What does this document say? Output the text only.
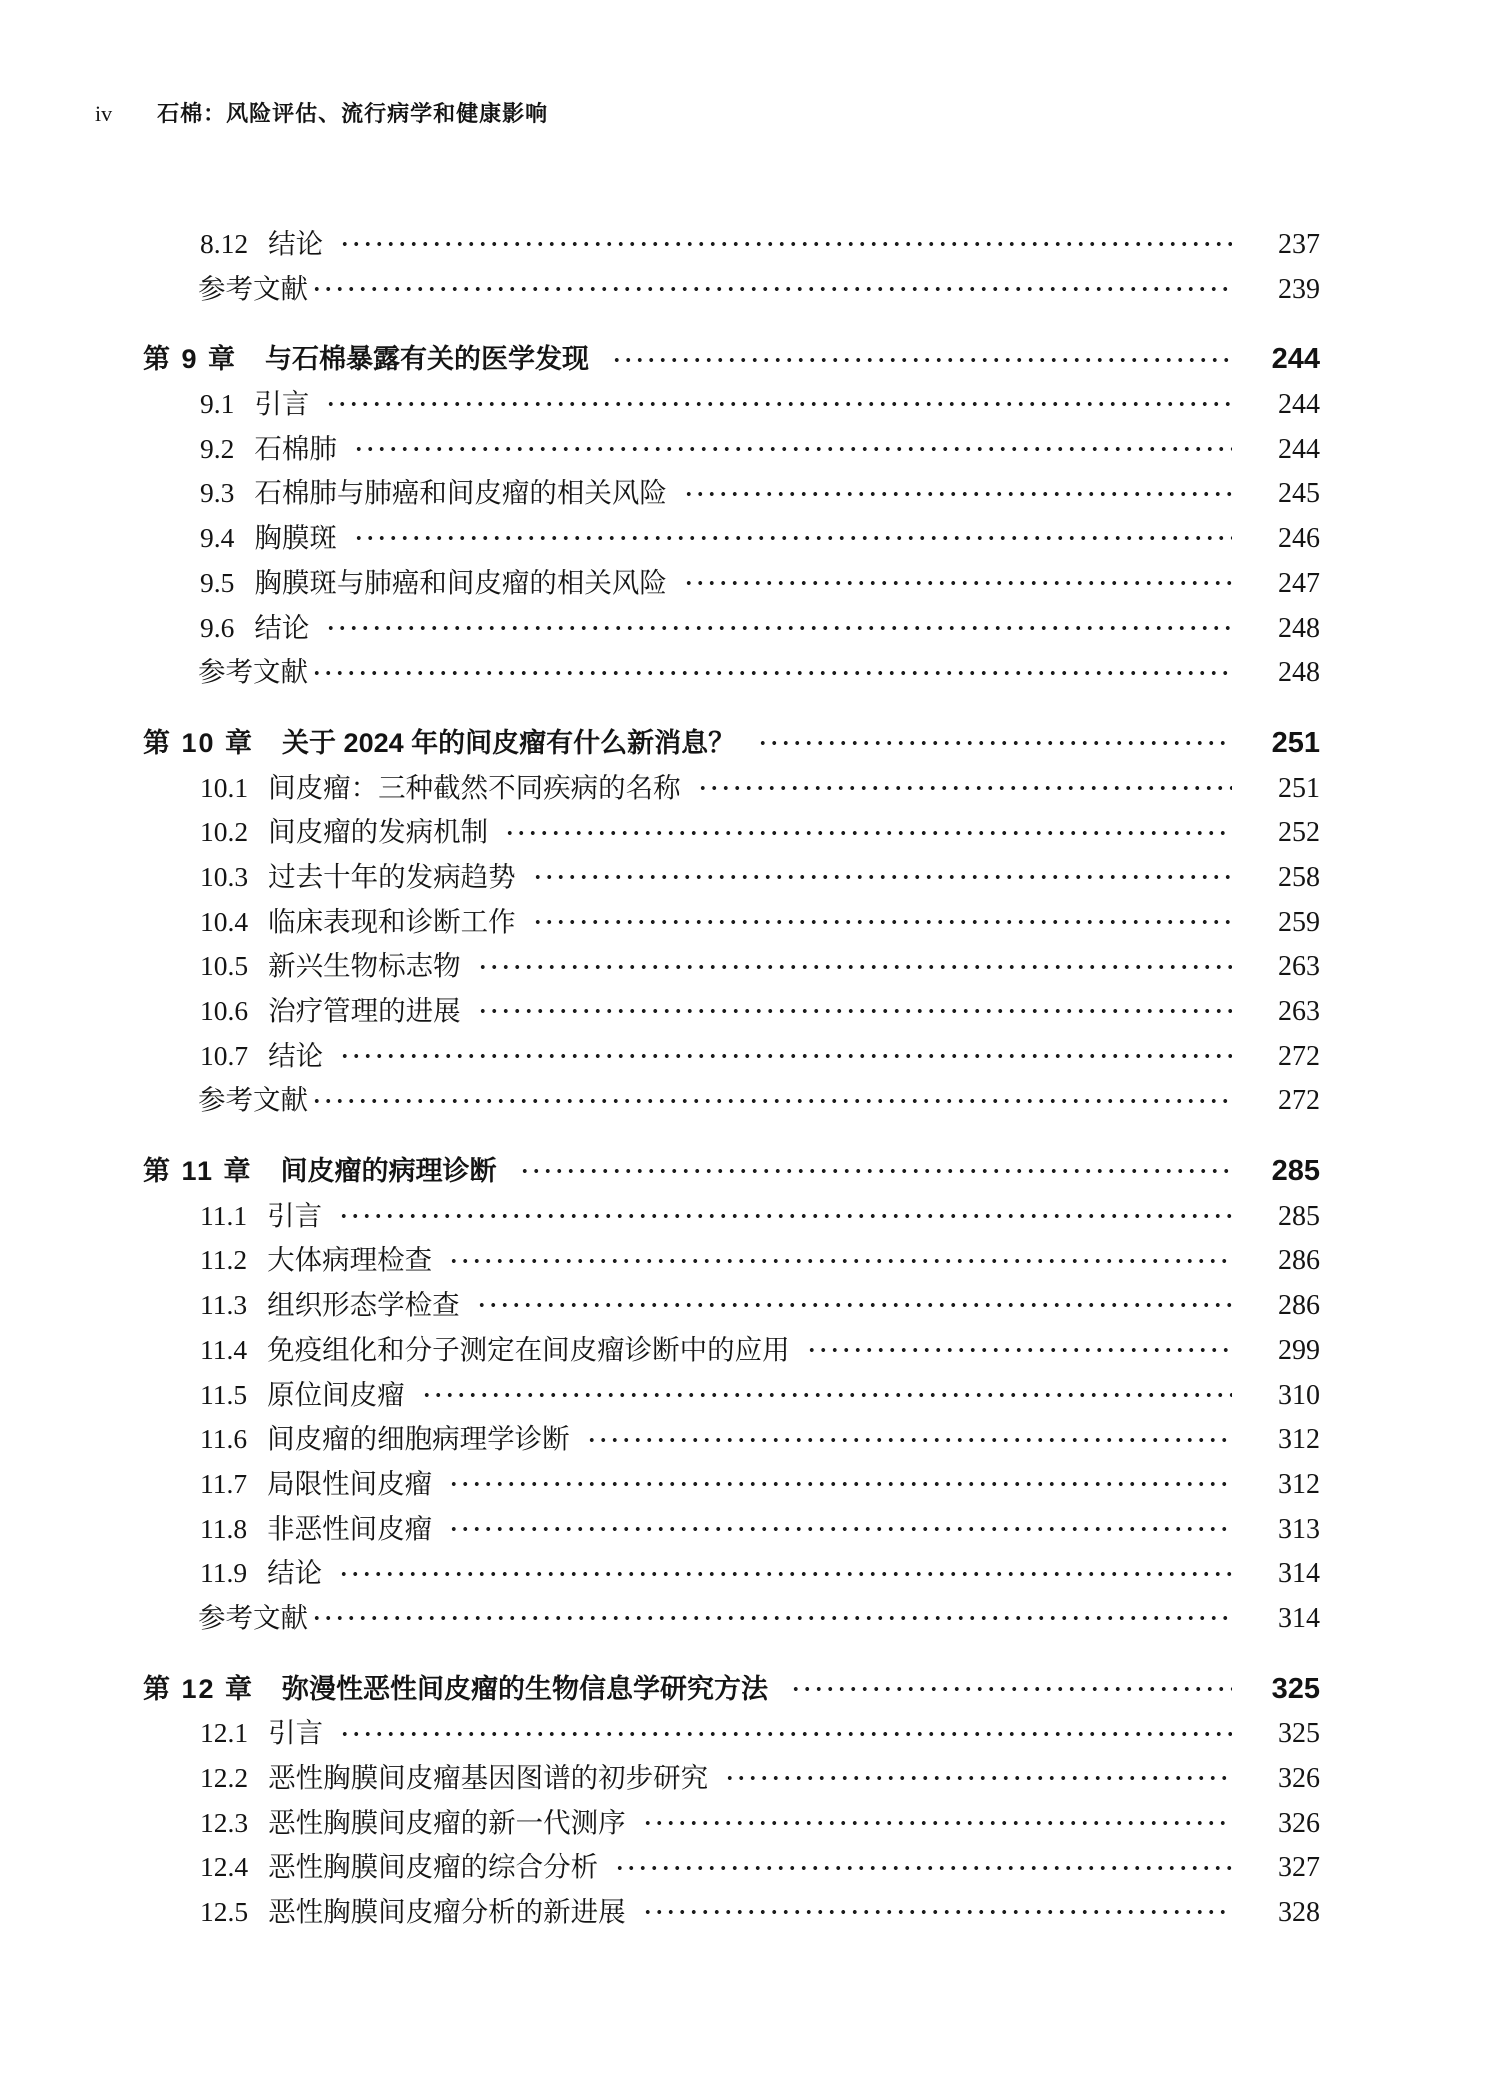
iv 石棉：风险评估、流行病学和健康影响
8.12 结论	237
参考文献	239
第 9 章 与石棉暴露有关的医学发现	244
9.1 引言	244
9.2 石棉肺	244
9.3 石棉肺与肺癌和间皮瘤的相关风险	245
9.4 胸膜斑	246
9.5 胸膜斑与肺癌和间皮瘤的相关风险	247
9.6 结论	248
参考文献	248
第 10 章 关于 2024 年的间皮瘤有什么新消息？	251
10.1 间皮瘤：三种截然不同疾病的名称	251
10.2 间皮瘤的发病机制	252
10.3 过去十年的发病趋势	258
10.4 临床表现和诊断工作	259
10.5 新兴生物标志物	263
10.6 治疗管理的进展	263
10.7 结论	272
参考文献	272
第 11 章 间皮瘤的病理诊断	285
11.1 引言	285
11.2 大体病理检查	286
11.3 组织形态学检查	286
11.4 免疫组化和分子测定在间皮瘤诊断中的应用	299
11.5 原位间皮瘤	310
11.6 间皮瘤的细胞病理学诊断	312
11.7 局限性间皮瘤	312
11.8 非恶性间皮瘤	313
11.9 结论	314
参考文献	314
第 12 章 弥漫性恶性间皮瘤的生物信息学研究方法	325
12.1 引言	325
12.2 恶性胸膜间皮瘤基因图谱的初步研究	326
12.3 恶性胸膜间皮瘤的新一代测序	326
12.4 恶性胸膜间皮瘤的综合分析	327
12.5 恶性胸膜间皮瘤分析的新进展	328
